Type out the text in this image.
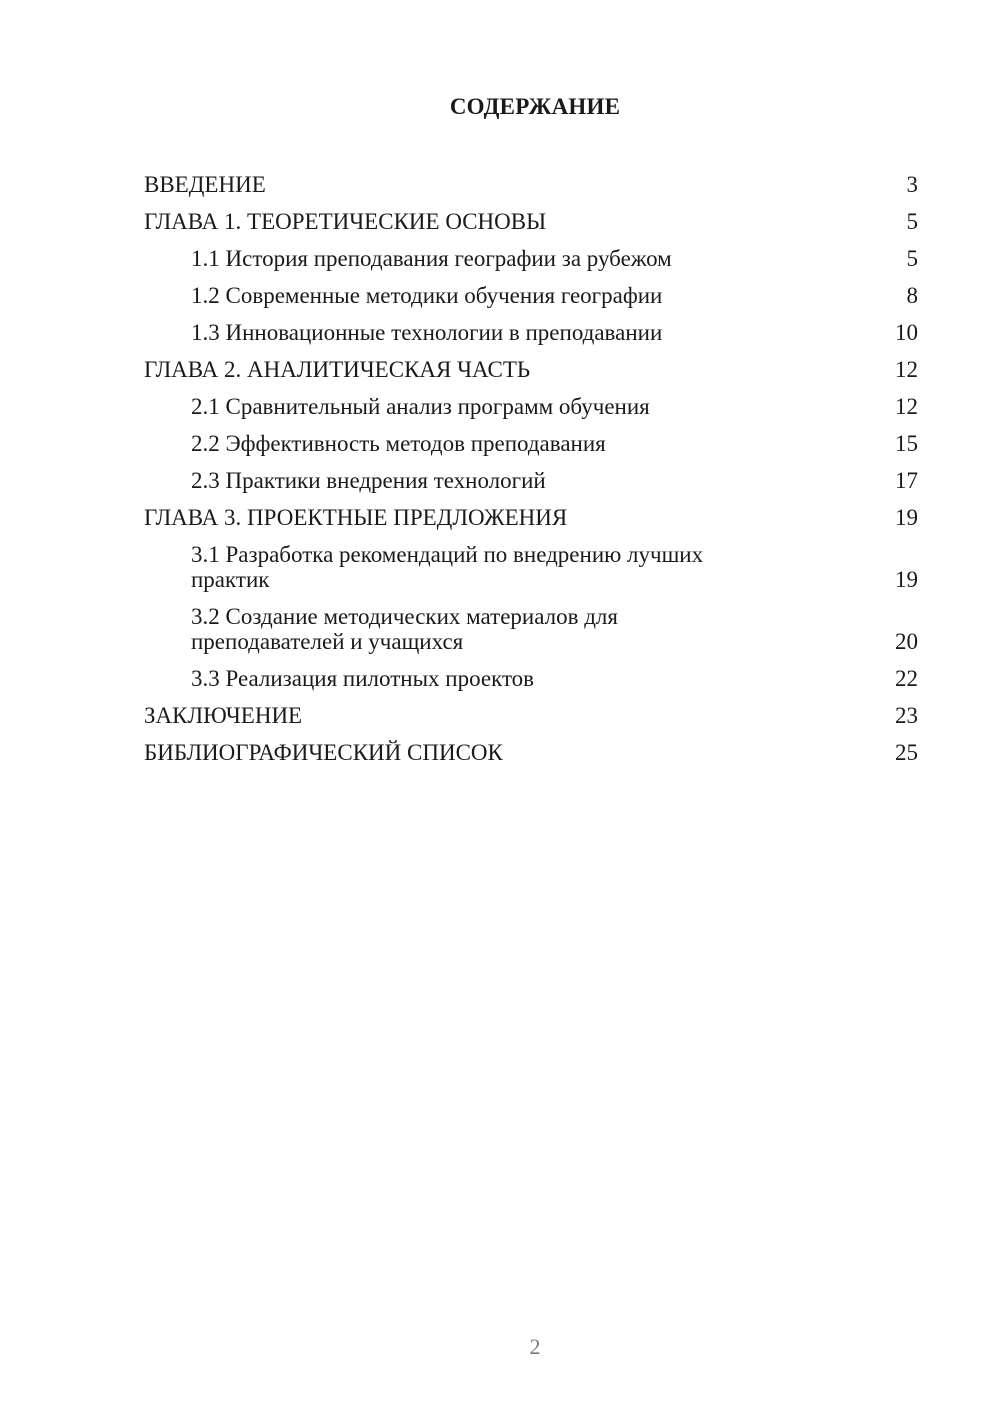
СОДЕРЖАНИЕ
ВВЕДЕНИЕ	3
ГЛАВА 1. ТЕОРЕТИЧЕСКИЕ ОСНОВЫ	5
1.1 История преподавания географии за рубежом	5
1.2 Современные методики обучения географии	8
1.3 Инновационные технологии в преподавании	10
ГЛАВА 2. АНАЛИТИЧЕСКАЯ ЧАСТЬ	12
2.1 Сравнительный анализ программ обучения	12
2.2 Эффективность методов преподавания	15
2.3 Практики внедрения технологий	17
ГЛАВА 3. ПРОЕКТНЫЕ ПРЕДЛОЖЕНИЯ	19
3.1 Разработка рекомендаций по внедрению лучших практик	19
3.2 Создание методических материалов для преподавателей и учащихся	20
3.3 Реализация пилотных проектов	22
ЗАКЛЮЧЕНИЕ	23
БИБЛИОГРАФИЧЕСКИЙ СПИСОК	25
2
